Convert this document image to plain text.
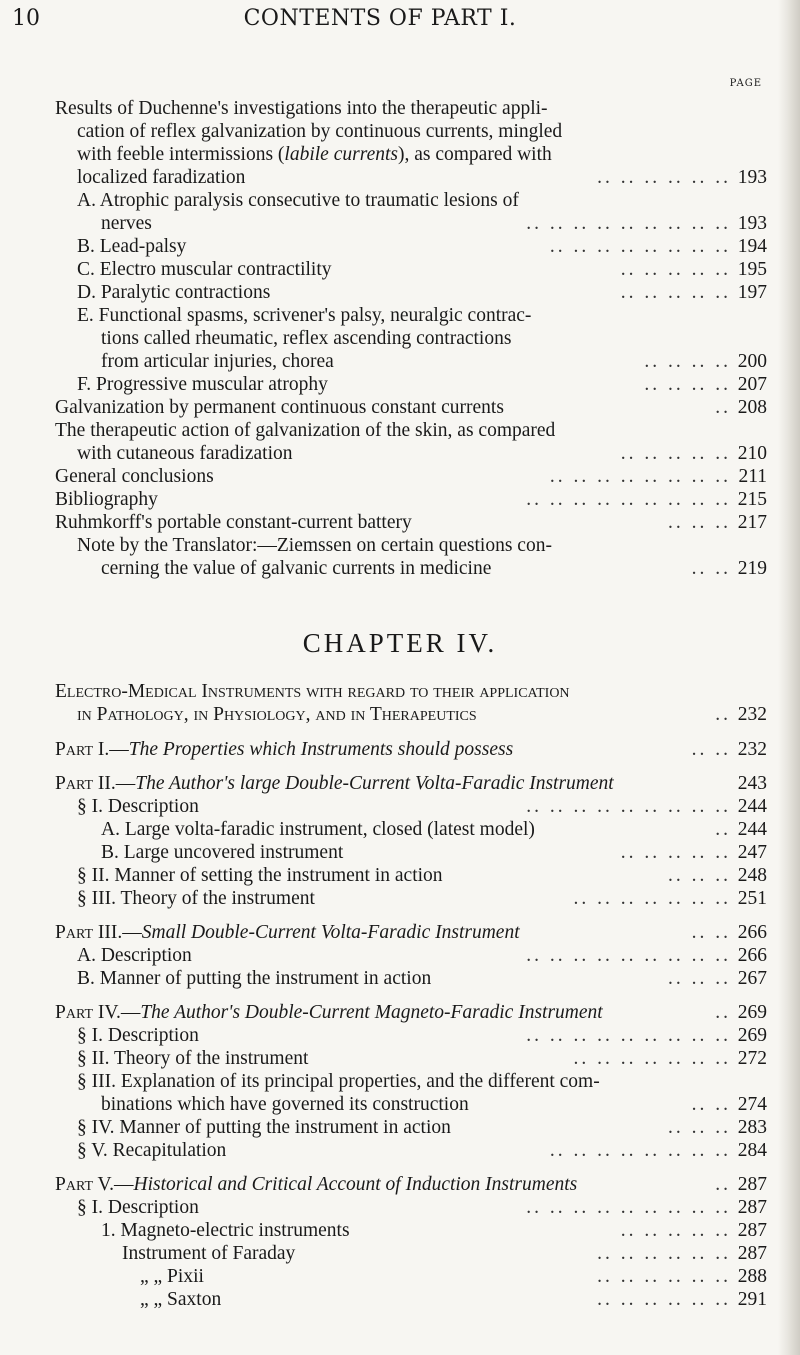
10	CONTENTS OF PART I.
PAGE
Results of Duchenne's investigations into the therapeutic appli-
cation of reflex galvanization by continuous currents, mingled
with feeble intermissions (labile currents), as compared with
localized faradization	.. .. .. .. .. .. 193
A. Atrophic paralysis consecutive to traumatic lesions of
nerves	.. .. .. .. .. .. .. .. .. 193
B. Lead-palsy	.. .. .. .. .. .. .. .. 194
C. Electro muscular contractility	.. .. .. .. .. 195
D. Paralytic contractions	.. .. .. .. .. 197
E. Functional spasms, scrivener's palsy, neuralgic contrac-
tions called rheumatic, reflex ascending contractions
from articular injuries, chorea	.. .. .. .. 200
F. Progressive muscular atrophy	.. .. .. .. 207
Galvanization by permanent continuous constant currents	.. 208
The therapeutic action of galvanization of the skin, as compared
with cutaneous faradization	.. .. .. .. .. 210
General conclusions	.. .. .. .. .. .. .. .. 211
Bibliography	.. .. .. .. .. .. .. .. .. 215
Ruhmkorff's portable constant-current battery	.. .. .. 217
Note by the Translator:—Ziemssen on certain questions con-
cerning the value of galvanic currents in medicine	.. .. 219
CHAPTER IV.
Electro-Medical Instruments with regard to their application
in Pathology, in Physiology, and in Therapeutics	.. 232
Part I.—The Properties which Instruments should possess	.. .. 232
Part II.—The Author's large Double-Current Volta-Faradic Instrument	243
§ I. Description	.. .. .. .. .. .. .. .. .. 244
A. Large volta-faradic instrument, closed (latest model)	.. 244
B. Large uncovered instrument	.. .. .. .. .. 247
§ II. Manner of setting the instrument in action	.. .. .. 248
§ III. Theory of the instrument	.. .. .. .. .. .. .. 251
Part III.—Small Double-Current Volta-Faradic Instrument	.. .. 266
A. Description	.. .. .. .. .. .. .. .. .. 266
B. Manner of putting the instrument in action	.. .. .. 267
Part IV.—The Author's Double-Current Magneto-Faradic Instrument	.. 269
§ I. Description	.. .. .. .. .. .. .. .. .. 269
§ II. Theory of the instrument	.. .. .. .. .. .. .. 272
§ III. Explanation of its principal properties, and the different com-
binations which have governed its construction	.. .. 274
§ IV. Manner of putting the instrument in action	.. .. .. 283
§ V. Recapitulation	.. .. .. .. .. .. .. .. 284
Part V.—Historical and Critical Account of Induction Instruments	.. 287
§ I. Description	.. .. .. .. .. .. .. .. .. 287
1. Magneto-electric instruments	.. .. .. .. .. 287
Instrument of Faraday	.. .. .. .. .. .. 287
„ „ Pixii	.. .. .. .. .. .. 288
„ „ Saxton	.. .. .. .. .. .. 291
